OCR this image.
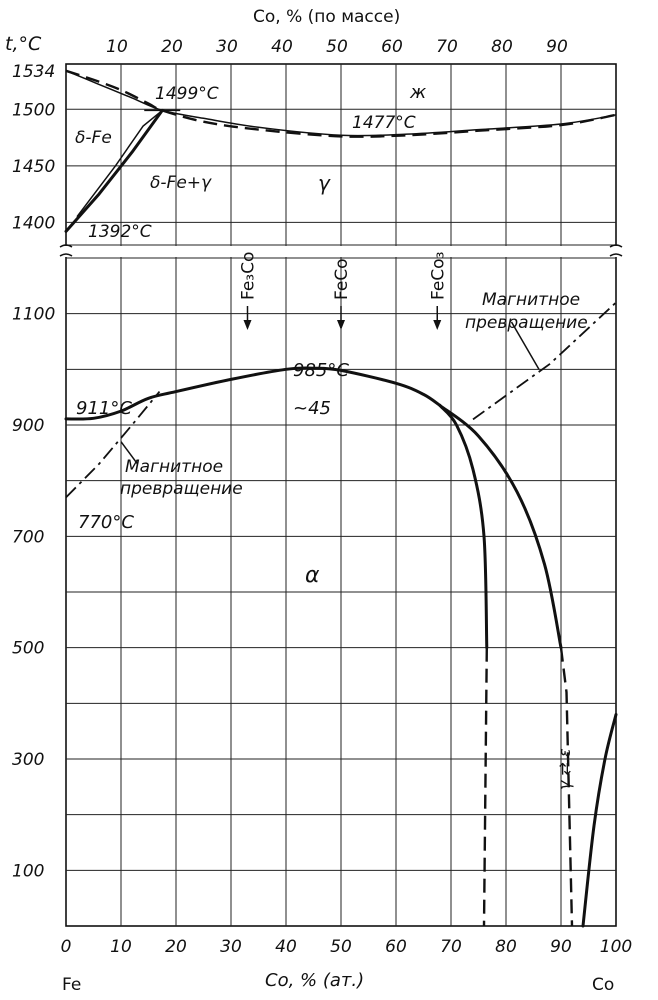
1534
1500
1450
1400
1100
900
700
500
300
100
0 10 20 30 40 50 60 70 80 90 100
10 20 30 40 50 60 70 80 90
Fe₃Co	FeCo	FeCo₃
Co, % (по массе)
t,°C
Co, % (ат.)
Fe	Co
1499°C
1477°C
1392°C
δ-Fe
δ-Fe+γ	γ
ж
911°C
985°C
~45
770°C
α
γ ⇄ ε
Магнитное
превращение
Магнитное
превращение
